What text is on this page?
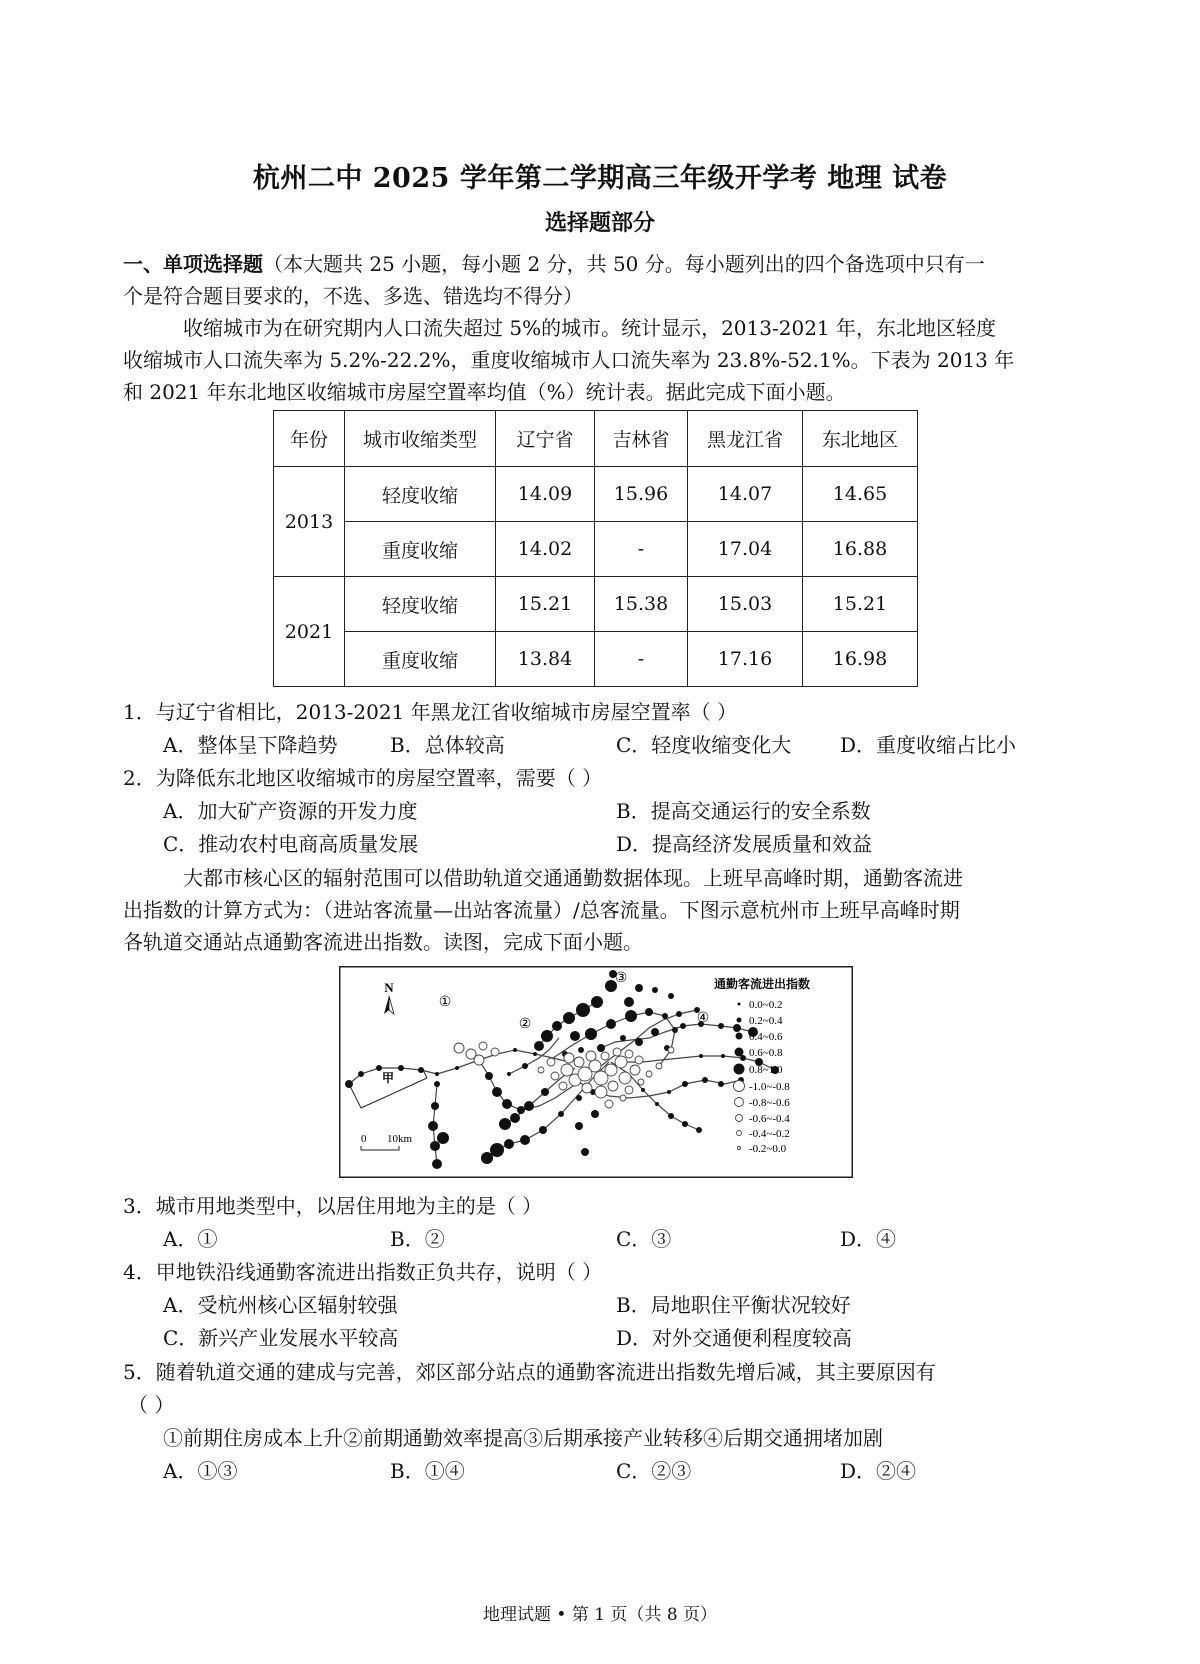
杭州二中 2025 学年第二学期高三年级开学考 地理 试卷
选择题部分
一、单项选择题（本大题共 25 小题，每小题 2 分，共 50 分。每小题列出的四个备选项中只有一
个是符合题目要求的，不选、多选、错选均不得分）
收缩城市为在研究期内人口流失超过 5%的城市。统计显示，2013-2021 年，东北地区轻度
收缩城市人口流失率为 5.2%-22.2%，重度收缩城市人口流失率为 23.8%-52.1%。下表为 2013 年
和 2021 年东北地区收缩城市房屋空置率均值（%）统计表。据此完成下面小题。
年份	城市收缩类型	辽宁省	吉林省	黑龙江省	东北地区
2013	轻度收缩	14.09	15.96	14.07	14.65
	重度收缩	14.02	-	17.04	16.88
2021	轻度收缩	15.21	15.38	15.03	15.21
	重度收缩	13.84	-	17.16	16.98
1．与辽宁省相比，2013-2021 年黑龙江省收缩城市房屋空置率（ ）
A．整体呈下降趋势	B．总体较高	C．轻度收缩变化大 D．重度收缩占比小
2．为降低东北地区收缩城市的房屋空置率，需要（ ）
A．加大矿产资源的开发力度	B．提高交通运行的安全系数
C．推动农村电商高质量发展	D．提高经济发展质量和效益
大都市核心区的辐射范围可以借助轨道交通通勤数据体现。上班早高峰时期，通勤客流进
出指数的计算方式为：（进站客流量—出站客流量）/总客流量。下图示意杭州市上班早高峰时期
各轨道交通站点通勤客流进出指数。读图，完成下面小题。
N
甲
①
②
③
④
0 10km
通勤客流进出指数
0.0~0.2
0.2~0.4
0.4~0.6
0.6~0.8
0.8~1.0
-1.0~-0.8
-0.8~-0.6
-0.6~-0.4
-0.4~-0.2
-0.2~0.0
3．城市用地类型中，以居住用地为主的是（ ）
A．①	B．②	C．③	D．④
4．甲地铁沿线通勤客流进出指数正负共存，说明（ ）
A．受杭州核心区辐射较强	B．局地职住平衡状况较好
C．新兴产业发展水平较高	D．对外交通便利程度较高
5．随着轨道交通的建成与完善，郊区部分站点的通勤客流进出指数先增后减，其主要原因有
（ ）
①前期住房成本上升②前期通勤效率提高③后期承接产业转移④后期交通拥堵加剧
A．①③	B．①④	C．②③	D．②④
地理试题 • 第 1 页（共 8 页）
